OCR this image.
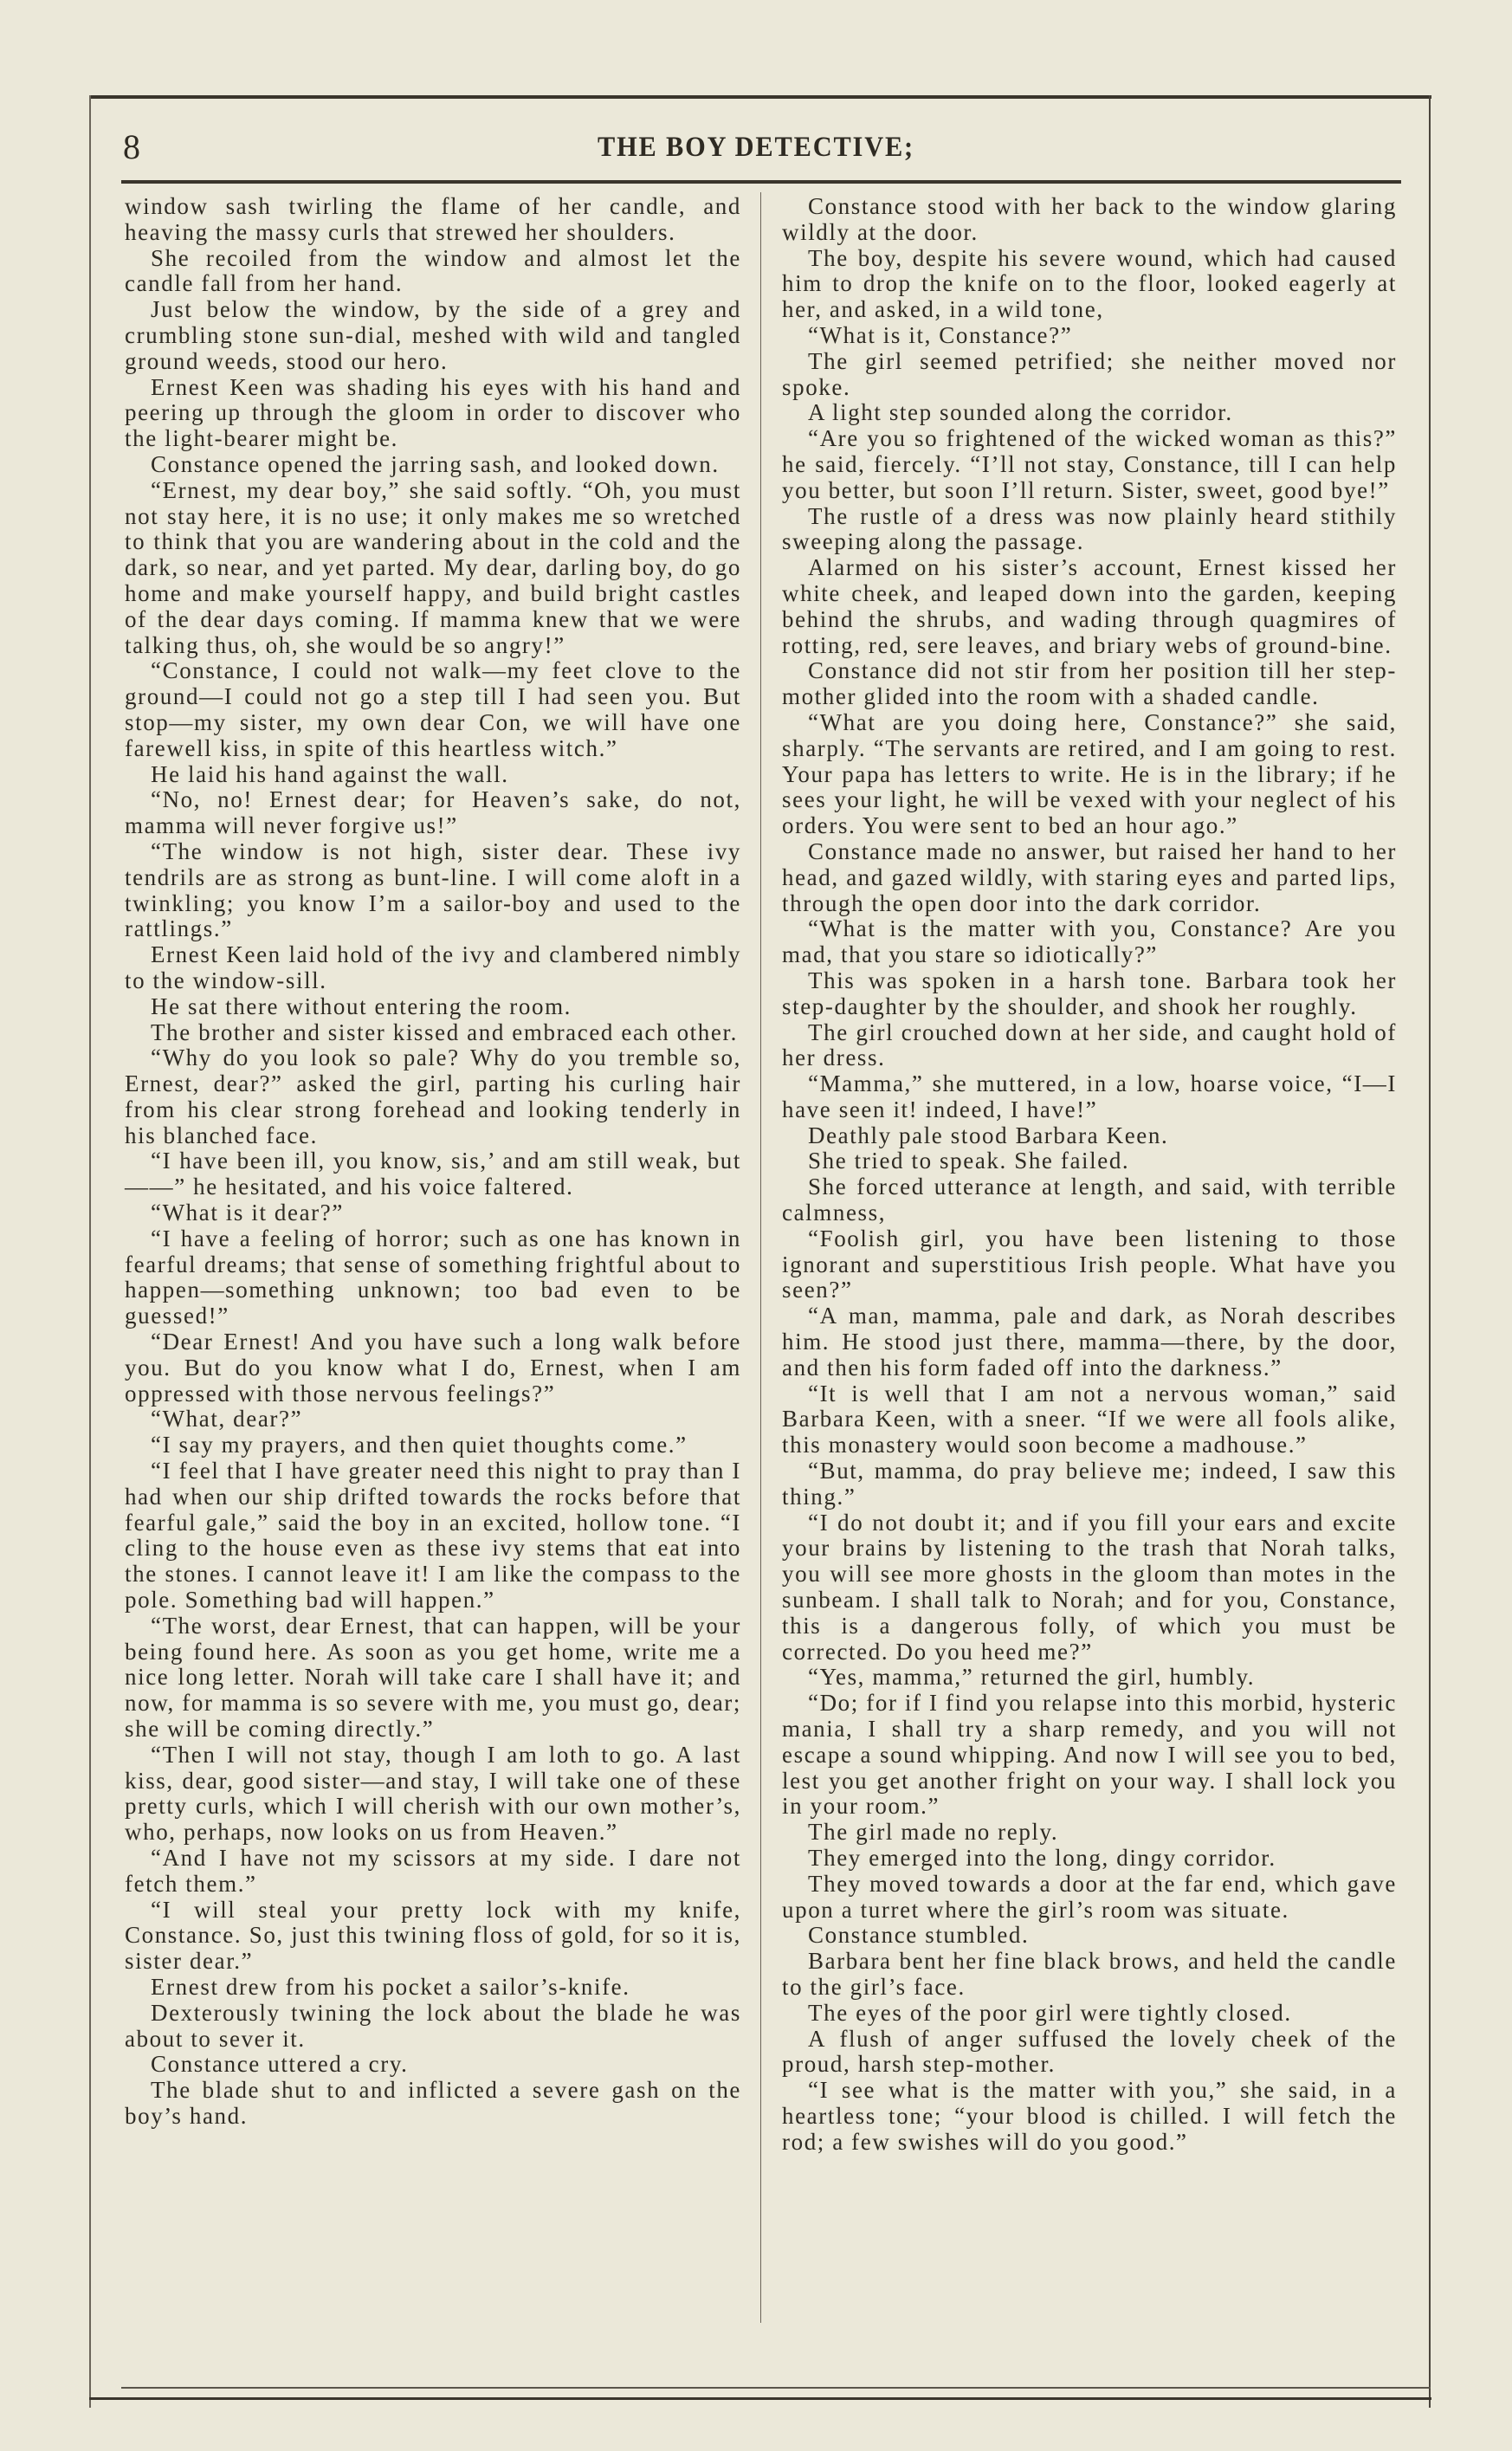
8	THE BOY DETECTIVE;

window sash twirling the flame of her candle, and heaving the massy curls that strewed her shoulders.

She recoiled from the window and almost let the candle fall from her hand.

Just below the window, by the side of a grey and crumbling stone sun-dial, meshed with wild and tangled ground weeds, stood our hero.

Ernest Keen was shading his eyes with his hand and peering up through the gloom in order to discover who the light-bearer might be.

Constance opened the jarring sash, and looked down.

“Ernest, my dear boy,” she said softly. “Oh, you must not stay here, it is no use; it only makes me so wretched to think that you are wandering about in the cold and the dark, so near, and yet parted. My dear, darling boy, do go home and make yourself happy, and build bright castles of the dear days coming. If mamma knew that we were talking thus, oh, she would be so angry!”

“Constance, I could not walk—my feet clove to the ground—I could not go a step till I had seen you. But stop—my sister, my own dear Con, we will have one farewell kiss, in spite of this heartless witch.”

He laid his hand against the wall.

“No, no! Ernest dear; for Heaven’s sake, do not, mamma will never forgive us!”

“The window is not high, sister dear. These ivy tendrils are as strong as bunt-line. I will come aloft in a twinkling; you know I’m a sailor-boy and used to the rattlings.”

Ernest Keen laid hold of the ivy and clambered nimbly to the window-sill.

He sat there without entering the room.

The brother and sister kissed and embraced each other.

“Why do you look so pale? Why do you tremble so, Ernest, dear?” asked the girl, parting his curling hair from his clear strong forehead and looking tenderly in his blanched face.

“I have been ill, you know, sis,’ and am still weak, but——” he hesitated, and his voice faltered.

“What is it dear?”

“I have a feeling of horror; such as one has known in fearful dreams; that sense of something frightful about to happen—something unknown; too bad even to be guessed!”

“Dear Ernest! And you have such a long walk before you. But do you know what I do, Ernest, when I am oppressed with those nervous feelings?”

“What, dear?”

“I say my prayers, and then quiet thoughts come.”

“I feel that I have greater need this night to pray than I had when our ship drifted towards the rocks before that fearful gale,” said the boy in an excited, hollow tone. “I cling to the house even as these ivy stems that eat into the stones. I cannot leave it! I am like the compass to the pole. Something bad will happen.”

“The worst, dear Ernest, that can happen, will be your being found here. As soon as you get home, write me a nice long letter. Norah will take care I shall have it; and now, for mamma is so severe with me, you must go, dear; she will be coming directly.”

“Then I will not stay, though I am loth to go. A last kiss, dear, good sister—and stay, I will take one of these pretty curls, which I will cherish with our own mother’s, who, perhaps, now looks on us from Heaven.”

“And I have not my scissors at my side. I dare not fetch them.”

“I will steal your pretty lock with my knife, Constance. So, just this twining floss of gold, for so it is, sister dear.”

Ernest drew from his pocket a sailor’s-knife.

Dexterously twining the lock about the blade he was about to sever it.

Constance uttered a cry.

The blade shut to and inflicted a severe gash on the boy’s hand.

Constance stood with her back to the window glaring wildly at the door.

The boy, despite his severe wound, which had caused him to drop the knife on to the floor, looked eagerly at her, and asked, in a wild tone,

“What is it, Constance?”

The girl seemed petrified; she neither moved nor spoke.

A light step sounded along the corridor.

“Are you so frightened of the wicked woman as this?” he said, fiercely. “I’ll not stay, Constance, till I can help you better, but soon I’ll return. Sister, sweet, good bye!”

The rustle of a dress was now plainly heard stithily sweeping along the passage.

Alarmed on his sister’s account, Ernest kissed her white cheek, and leaped down into the garden, keeping behind the shrubs, and wading through quagmires of rotting, red, sere leaves, and briary webs of ground-bine.

Constance did not stir from her position till her step-mother glided into the room with a shaded candle.

“What are you doing here, Constance?” she said, sharply. “The servants are retired, and I am going to rest. Your papa has letters to write. He is in the library; if he sees your light, he will be vexed with your neglect of his orders. You were sent to bed an hour ago.”

Constance made no answer, but raised her hand to her head, and gazed wildly, with staring eyes and parted lips, through the open door into the dark corridor.

“What is the matter with you, Constance? Are you mad, that you stare so idiotically?”

This was spoken in a harsh tone. Barbara took her step-daughter by the shoulder, and shook her roughly.

The girl crouched down at her side, and caught hold of her dress.

“Mamma,” she muttered, in a low, hoarse voice, “I—I have seen it! indeed, I have!”

Deathly pale stood Barbara Keen.

She tried to speak. She failed.

She forced utterance at length, and said, with terrible calmness,

“Foolish girl, you have been listening to those ignorant and superstitious Irish people. What have you seen?”

“A man, mamma, pale and dark, as Norah describes him. He stood just there, mamma—there, by the door, and then his form faded off into the darkness.”

“It is well that I am not a nervous woman,” said Barbara Keen, with a sneer. “If we were all fools alike, this monastery would soon become a madhouse.”

“But, mamma, do pray believe me; indeed, I saw this thing.”

“I do not doubt it; and if you fill your ears and excite your brains by listening to the trash that Norah talks, you will see more ghosts in the gloom than motes in the sunbeam. I shall talk to Norah; and for you, Constance, this is a dangerous folly, of which you must be corrected. Do you heed me?”

“Yes, mamma,” returned the girl, humbly.

“Do; for if I find you relapse into this morbid, hysteric mania, I shall try a sharp remedy, and you will not escape a sound whipping. And now I will see you to bed, lest you get another fright on your way. I shall lock you in your room.”

The girl made no reply.

They emerged into the long, dingy corridor.

They moved towards a door at the far end, which gave upon a turret where the girl’s room was situate.

Constance stumbled.

Barbara bent her fine black brows, and held the candle to the girl’s face.

The eyes of the poor girl were tightly closed.

A flush of anger suffused the lovely cheek of the proud, harsh step-mother.

“I see what is the matter with you,” she said, in a heartless tone; “your blood is chilled. I will fetch the rod; a few swishes will do you good.”
